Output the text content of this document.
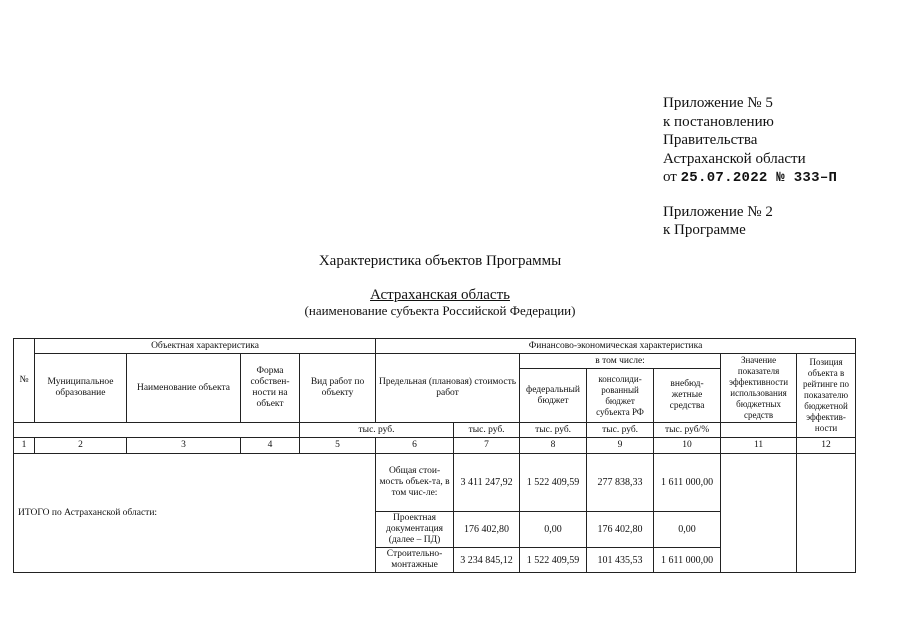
Приложение № 5
к постановлению
Правительства
Астраханской области
от 25.07.2022 № 333–П
Приложение № 2
к Программе
Характеристика объектов Программы
Астраханская область
(наименование субъекта Российской Федерации)
№	Объектная характеристика				Финансово-экономическая характеристика						
	Муниципальное образование	Наименование объекта	Форма собствен-ности на объект	Вид работ по объекту	Предельная (плановая) стоимость работ		в том числе:			Значение показателя эффективности использования бюджетных средств	Позиция объекта в рейтинге по показателю бюджетной эффектив-ности
							федеральный бюджет	консолиди-рованный бюджет субъекта РФ	внебюд-жетные средства		
				тыс. руб.		тыс. руб.	тыс. руб.	тыс. руб.	тыс. руб/%		
1	2	3	4	5	6	7	8	9	10	11	12
ИТОГО по Астраханской области:					Общая стои-мость объек-та, в том чис-ле:	3 411 247,92	1 522 409,59	277 838,33	1 611 000,00		
					Проектная документация (далее – ПД)	176 402,80	0,00	176 402,80	0,00		
					Строительно-монтажные	3 234 845,12	1 522 409,59	101 435,53	1 611 000,00		
